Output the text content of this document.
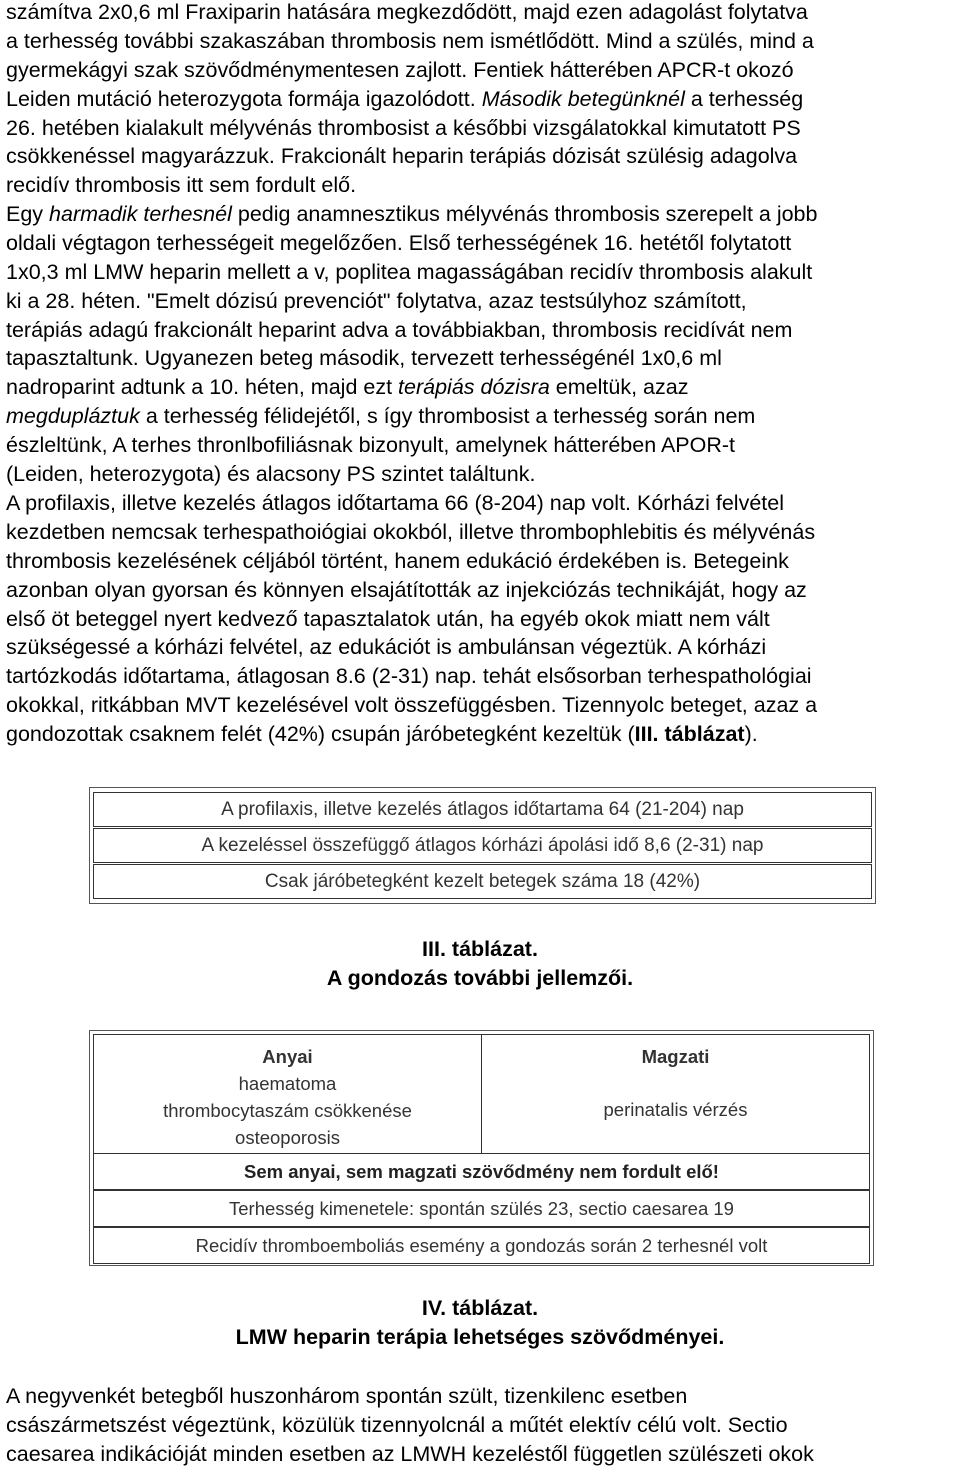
számítva 2x0,6 ml Fraxiparin hatására megkezdődött, majd ezen adagolást folytatva
a terhesség további szakaszában thrombosis nem ismétlődött. Mind a szülés, mind a
gyermekágyi szak szövődménymentesen zajlott. Fentiek hátterében APCR-t okozó
Leiden mutáció heterozygota formája igazolódott. Második betegünknél a terhesség
26. hetében kialakult mélyvénás thrombosist a későbbi vizsgálatokkal kimutatott PS
csökkenéssel magyarázzuk. Frakcionált heparin terápiás dózisát szülésig adagolva
recidív thrombosis itt sem fordult elő.
Egy harmadik terhesnél pedig anamnesztikus mélyvénás thrombosis szerepelt a jobb
oldali végtagon terhességeit megelőzően. Első terhességének 16. hetétől folytatott
1x0,3 ml LMW heparin mellett a v, poplitea magasságában recidív thrombosis alakult
ki a 28. héten. "Emelt dózisú prevenciót" folytatva, azaz testsúlyhoz számított,
terápiás adagú frakcionált heparint adva a továbbiakban, thrombosis recidívát nem
tapasztaltunk. Ugyanezen beteg második, tervezett terhességénél 1x0,6 ml
nadroparint adtunk a 10. héten, majd ezt terápiás dózisra emeltük, azaz
megdupláztuk a terhesség félidejétől, s így thrombosist a terhesség során nem
észleltünk, A terhes thronlbofiliásnak bizonyult, amelynek hátterében APOR-t
(Leiden, heterozygota) és alacsony PS szintet találtunk.
A profilaxis, illetve kezelés átlagos időtartama 66 (8-204) nap volt. Kórházi felvétel
kezdetben nemcsak terhespathoiógiai okokból, illetve thrombophlebitis és mélyvénás
thrombosis kezelésének céljából történt, hanem edukáció érdekében is. Betegeink
azonban olyan gyorsan és könnyen elsajátították az injekciózás technikáját, hogy az
első öt beteggel nyert kedvező tapasztalatok után, ha egyéb okok miatt nem vált
szükségessé a kórházi felvétel, az edukációt is ambulánsan végeztük. A kórházi
tartózkodás időtartama, átlagosan 8.6 (2-31) nap. tehát elsősorban terhespathológiai
okokkal, ritkábban MVT kezelésével volt összefüggésben. Tizennyolc beteget, azaz a
gondozottak csaknem felét (42%) csupán járóbetegként kezeltük (III. táblázat).
A profilaxis, illetve kezelés átlagos időtartama 64 (21-204) nap
A kezeléssel összefüggő átlagos kórházi ápolási idő 8,6 (2-31) nap
Csak járóbetegként kezelt betegek száma 18 (42%)
III. táblázat.
A gondozás további jellemzői.
Anyai
haematoma
thrombocytaszám csökkenése
osteoporosis
Magzati
perinatalis vérzés
Sem anyai, sem magzati szövődmény nem fordult elő!
Terhesség kimenetele: spontán szülés 23, sectio caesarea 19
Recidív thromboemboliás esemény a gondozás során 2 terhesnél volt
IV. táblázat.
LMW heparin terápia lehetséges szövődményei.
A negyvenkét betegből huszonhárom spontán szült, tizenkilenc esetben
császármetszést végeztünk, közülük tizennyolcnál a műtét elektív célú volt. Sectio
caesarea indikációját minden esetben az LMWH kezeléstől független szülészeti okok
